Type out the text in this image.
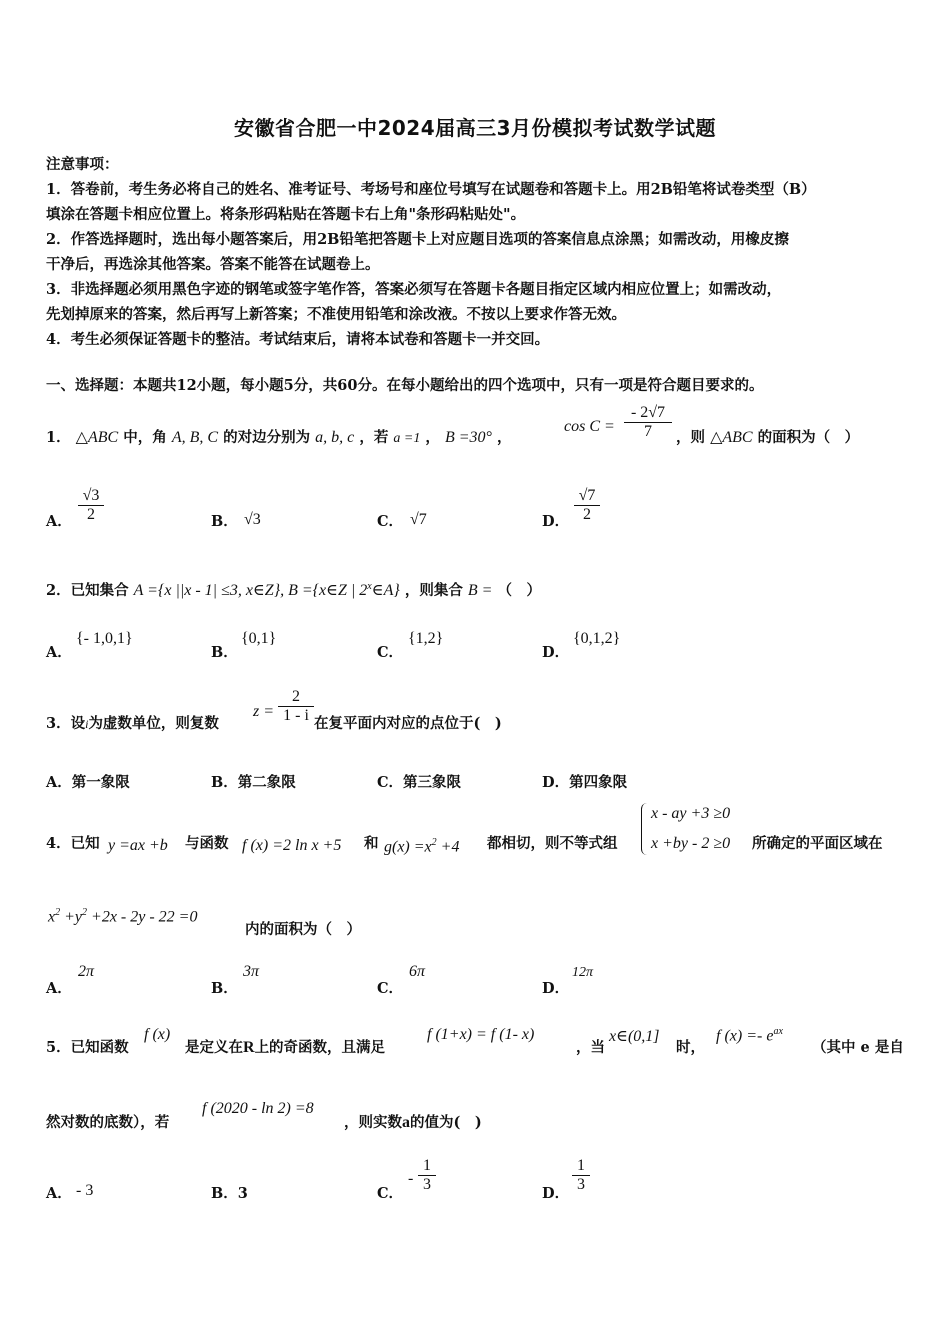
安徽省合肥一中2024届高三3月份模拟考试数学试题

注意事项：

1．答卷前，考生务必将自己的姓名、准考证号、考场号和座位号填写在试题卷和答题卡上。用2B铅笔将试卷类型（B）

填涂在答题卡相应位置上。将条形码粘贴在答题卡右上角"条形码粘贴处"。

2．作答选择题时，选出每小题答案后，用2B铅笔把答题卡上对应题目选项的答案信息点涂黑；如需改动，用橡皮擦

干净后，再选涂其他答案。答案不能答在试题卷上。

3．非选择题必须用黑色字迹的钢笔或签字笔作答，答案必须写在答题卡各题目指定区域内相应位置上；如需改动，

先划掉原来的答案，然后再写上新答案；不准使用铅笔和涂改液。不按以上要求作答无效。

4．考生必须保证答题卡的整洁。考试结束后，请将本试卷和答题卡一并交回。

一、选择题：本题共12小题，每小题5分，共60分。在每小题给出的四个选项中，只有一项是符合题目要求的。
1． △ABC 中，角 A, B, C 的对边分别为 a, b, c ，若 a =1 ， B =30° ，
$\cos C = \frac{- 2√7}{7}$ ，则 △ABC 的面积为（　）
A． $\frac{√3}{2}$	B． √3	C． √7	D． $\frac{√7}{2}$
2．已知集合 A ={x ||x - 1| ≤3, x∈Z}, B ={x∈Z | 2$^x$∈A} ，则集合 B = （　）
A．
{- 1,0,1}
B．
{0,1}
C．
{1,2}
D．
{0,1,2}
3．设i为虚数单位，则复数
$z = \frac{2}{1 - i}$ 在复平面内对应的点位于(　)
A．第一象限	B．第二象限	C．第三象限	D．第四象限
4．已知 y =ax +b 与函数 f (x) =2 ln x +5 和 $g(x) =x^2 +4$ 都相切，则不等式组
x - ay +3 ≥0
x +by - 2 ≥0 所确定的平面区域在
$x^2 +y^2 +2x - 2y - 22 =0$
内的面积为（　）
A．
2π
B．
3π
C．
6π
D．
12π
5．已知函数
f (x)
是定义在R上的奇函数，且满足
f (1+x) = f (1- x)
，当
x∈(0,1]
时，
f $(x) =- e^{ax}$
（其中 e 是自
然对数的底数），若
f (2020 - ln 2) =8
，则实数a的值为(　)
A． - 3	B．3	C．
- $\frac{1}{3}$	D． $\frac{1}{3}$
